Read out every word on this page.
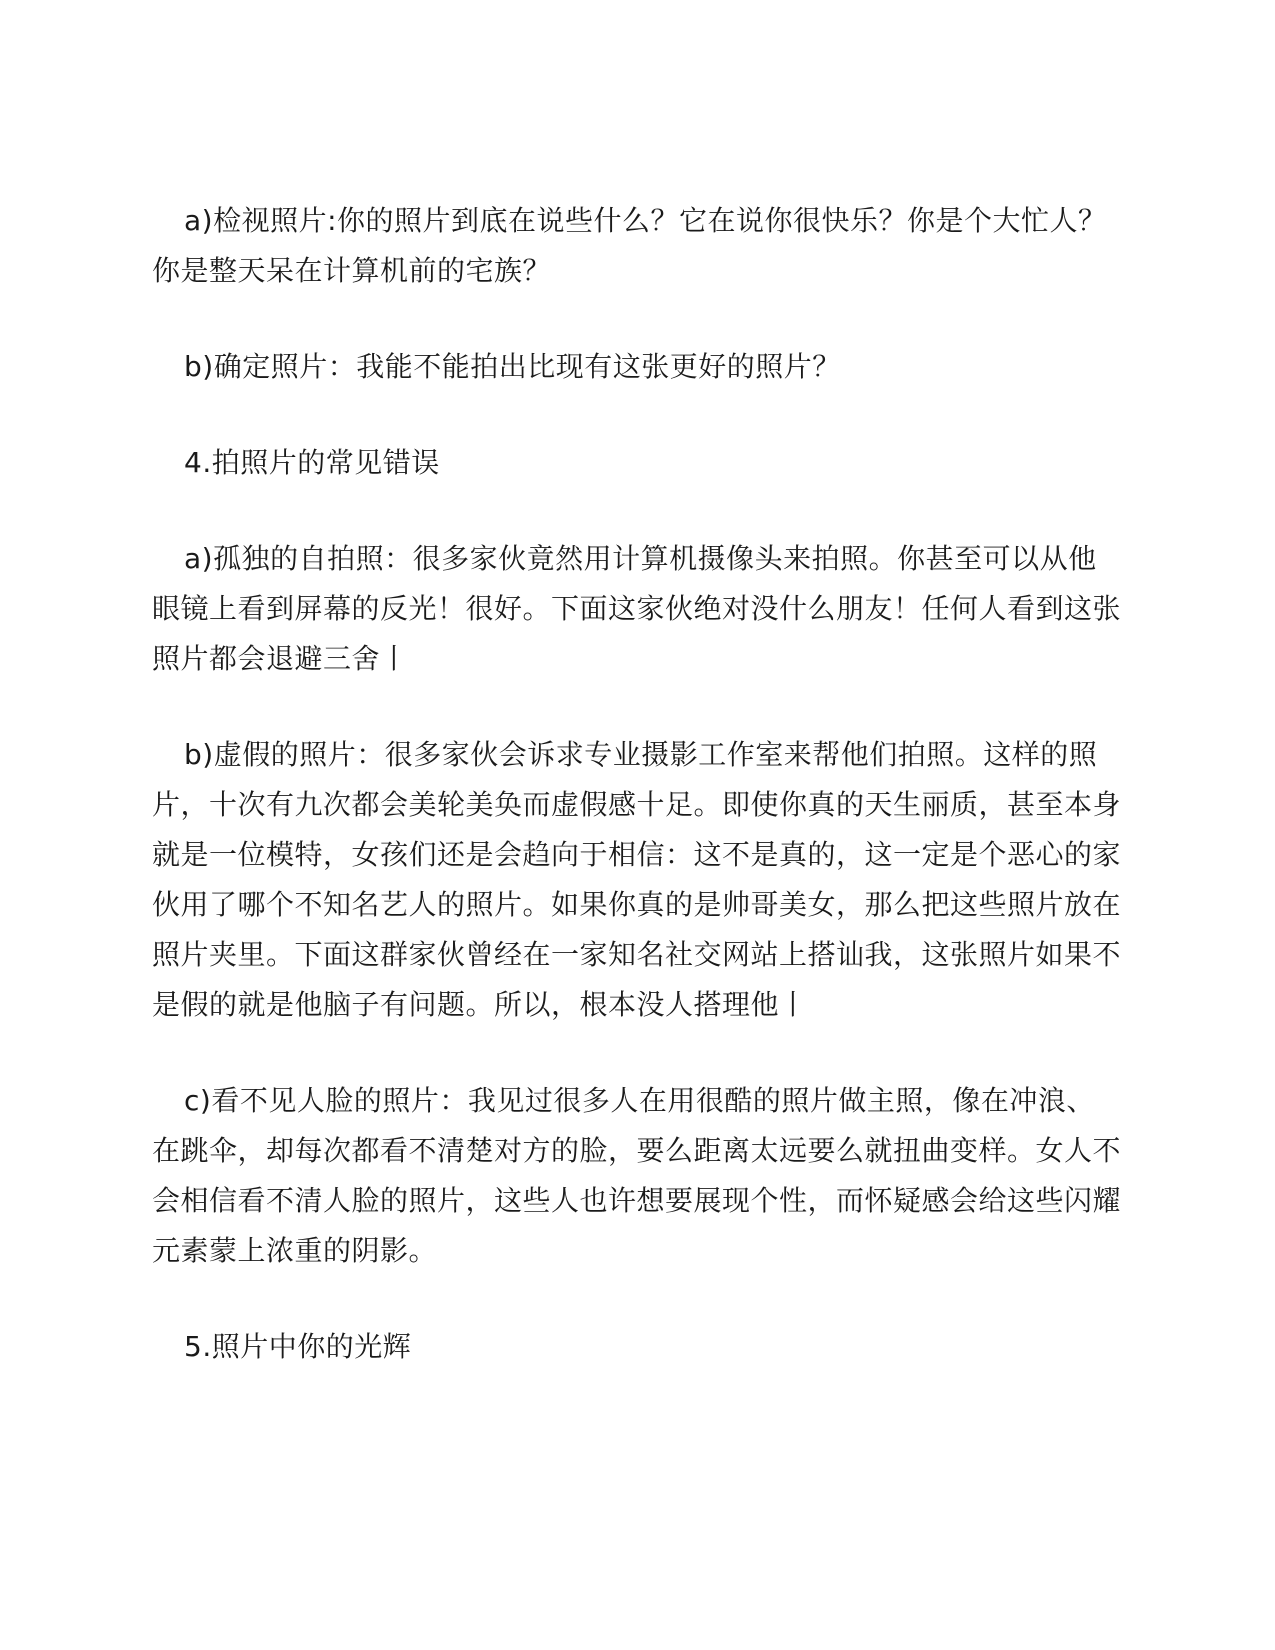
a)检视照片:你的照片到底在说些什么？它在说你很快乐？你是个大忙人？你是整天呆在计算机前的宅族？

b)确定照片：我能不能拍出比现有这张更好的照片？

4.拍照片的常见错误

a)孤独的自拍照：很多家伙竟然用计算机摄像头来拍照。你甚至可以从他眼镜上看到屏幕的反光！很好。下面这家伙绝对没什么朋友！任何人看到这张照片都会退避三舍丨

b)虚假的照片：很多家伙会诉求专业摄影工作室来帮他们拍照。这样的照片，十次有九次都会美轮美奂而虚假感十足。即使你真的天生丽质，甚至本身就是一位模特，女孩们还是会趋向于相信：这不是真的，这一定是个恶心的家伙用了哪个不知名艺人的照片。如果你真的是帅哥美女，那么把这些照片放在照片夹里。下面这群家伙曾经在一家知名社交网站上搭讪我，这张照片如果不是假的就是他脑子有问题。所以，根本没人搭理他丨

c)看不见人脸的照片：我见过很多人在用很酷的照片做主照，像在冲浪、在跳伞，却每次都看不清楚对方的脸，要么距离太远要么就扭曲变样。女人不会相信看不清人脸的照片，这些人也许想要展现个性，而怀疑感会给这些闪耀元素蒙上浓重的阴影。

5.照片中你的光辉
